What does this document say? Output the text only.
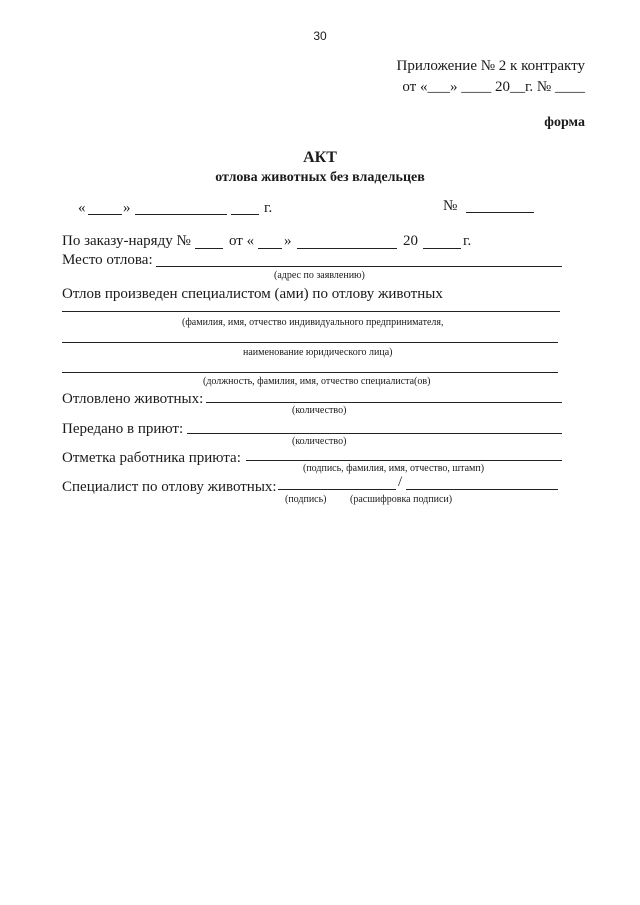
30
Приложение № 2 к контракту
от «___» ____ 20__г. № ____
форма
АКТ
отлова животных без владельцев
«	»	г.	№
По заказу-наряду №	от « »	20	г.
Место отлова:
(адрес по заявлению)
Отлов произведен специалистом (ами) по отлову животных
(фамилия, имя, отчество индивидуального предпринимателя,
наименование юридического лица)
(должность, фамилия, имя, отчество специалиста(ов)
Отловлено животных:
(количество)
Передано в приют:
(количество)
Отметка работника приюта:
(подпись, фамилия, имя, отчество, штамп)
Специалист по отлову животных:	/
(подпись) (расшифровка подписи)
